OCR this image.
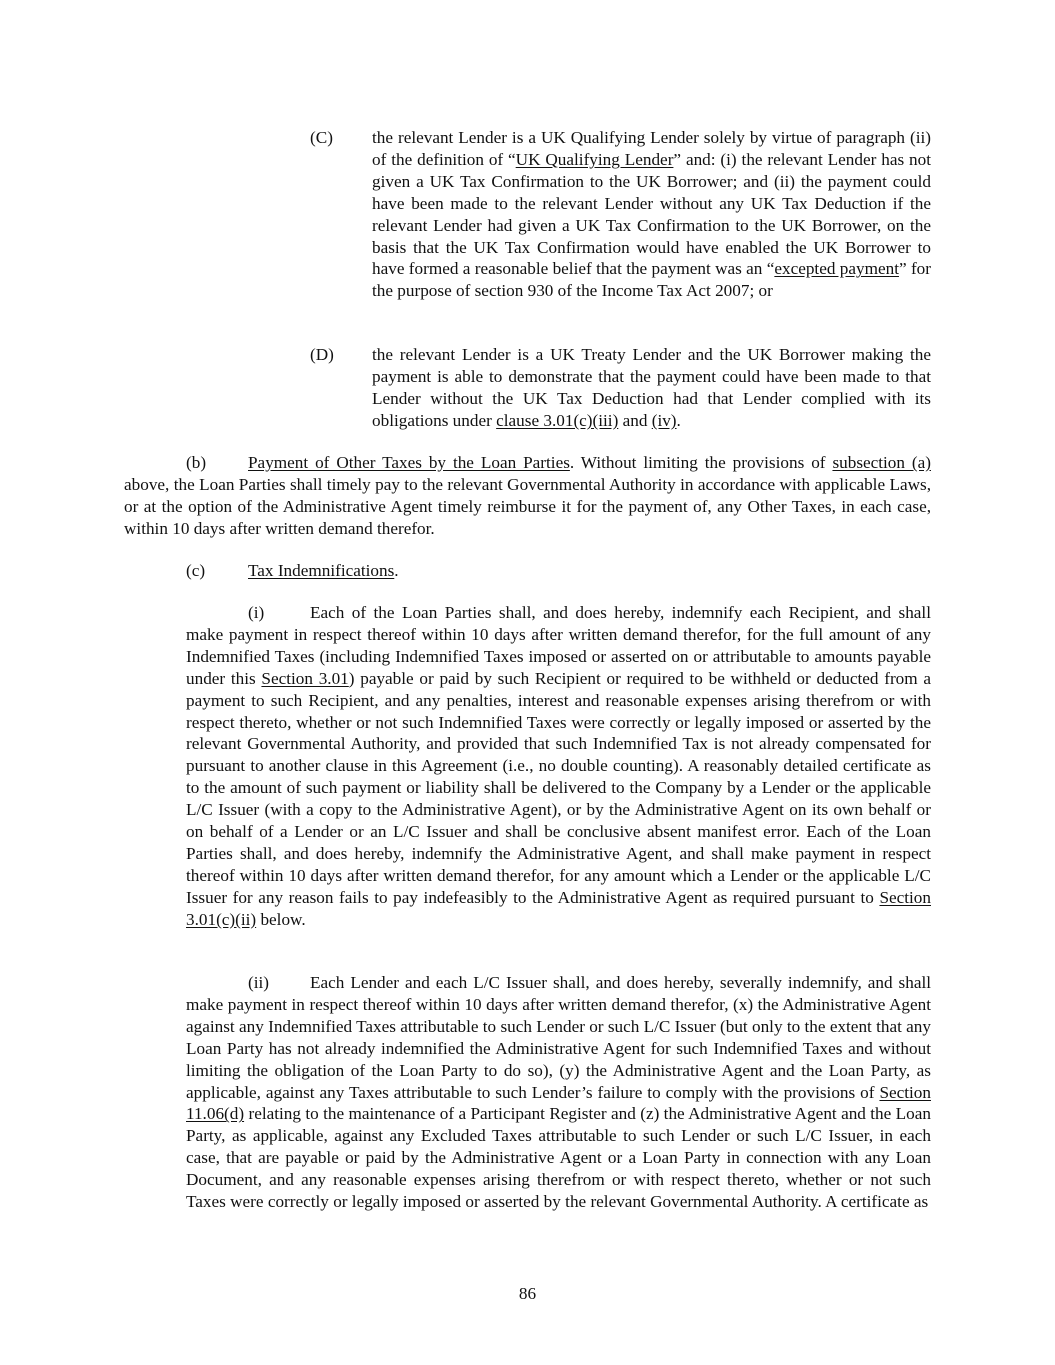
(C) the relevant Lender is a UK Qualifying Lender solely by virtue of paragraph (ii) of the definition of “UK Qualifying Lender” and: (i) the relevant Lender has not given a UK Tax Confirmation to the UK Borrower; and (ii) the payment could have been made to the relevant Lender without any UK Tax Deduction if the relevant Lender had given a UK Tax Confirmation to the UK Borrower, on the basis that the UK Tax Confirmation would have enabled the UK Borrower to have formed a reasonable belief that the payment was an “excepted payment” for the purpose of section 930 of the Income Tax Act 2007; or
(D) the relevant Lender is a UK Treaty Lender and the UK Borrower making the payment is able to demonstrate that the payment could have been made to that Lender without the UK Tax Deduction had that Lender complied with its obligations under clause 3.01(c)(iii) and (iv).
(b) Payment of Other Taxes by the Loan Parties. Without limiting the provisions of subsection (a) above, the Loan Parties shall timely pay to the relevant Governmental Authority in accordance with applicable Laws, or at the option of the Administrative Agent timely reimburse it for the payment of, any Other Taxes, in each case, within 10 days after written demand therefor.
(c) Tax Indemnifications.
(i)	Each of the Loan Parties shall, and does hereby, indemnify each Recipient, and shall make payment in respect thereof within 10 days after written demand therefor, for the full amount of any Indemnified Taxes (including Indemnified Taxes imposed or asserted on or attributable to amounts payable under this Section 3.01) payable or paid by such Recipient or required to be withheld or deducted from a payment to such Recipient, and any penalties, interest and reasonable expenses arising therefrom or with respect thereto, whether or not such Indemnified Taxes were correctly or legally imposed or asserted by the relevant Governmental Authority, and provided that such Indemnified Tax is not already compensated for pursuant to another clause in this Agreement (i.e., no double counting). A reasonably detailed certificate as to the amount of such payment or liability shall be delivered to the Company by a Lender or the applicable L/C Issuer (with a copy to the Administrative Agent), or by the Administrative Agent on its own behalf or on behalf of a Lender or an L/C Issuer and shall be conclusive absent manifest error. Each of the Loan Parties shall, and does hereby, indemnify the Administrative Agent, and shall make payment in respect thereof within 10 days after written demand therefor, for any amount which a Lender or the applicable L/C Issuer for any reason fails to pay indefeasibly to the Administrative Agent as required pursuant to Section 3.01(c)(ii) below.
(ii) Each Lender and each L/C Issuer shall, and does hereby, severally indemnify, and shall make payment in respect thereof within 10 days after written demand therefor, (x) the Administrative Agent against any Indemnified Taxes attributable to such Lender or such L/C Issuer (but only to the extent that any Loan Party has not already indemnified the Administrative Agent for such Indemnified Taxes and without limiting the obligation of the Loan Party to do so), (y) the Administrative Agent and the Loan Party, as applicable, against any Taxes attributable to such Lender’s failure to comply with the provisions of Section 11.06(d) relating to the maintenance of a Participant Register and (z) the Administrative Agent and the Loan Party, as applicable, against any Excluded Taxes attributable to such Lender or such L/C Issuer, in each case, that are payable or paid by the Administrative Agent or a Loan Party in connection with any Loan Document, and any reasonable expenses arising therefrom or with respect thereto, whether or not such Taxes were correctly or legally imposed or asserted by the relevant Governmental Authority. A certificate as
86
